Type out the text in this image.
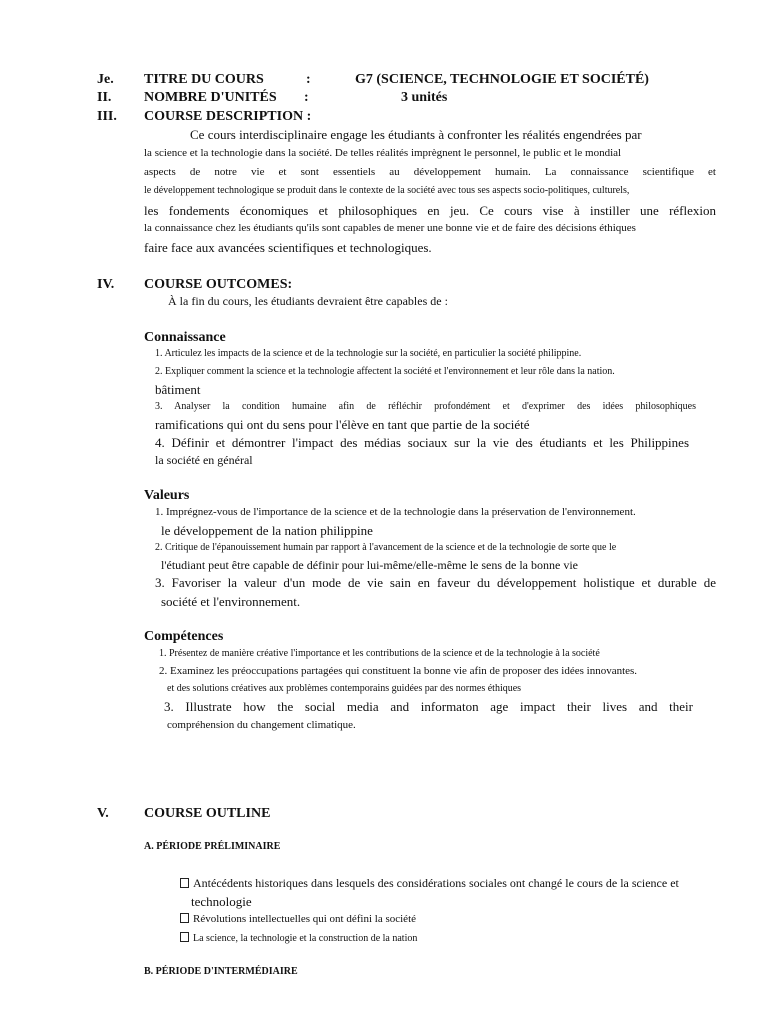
Je. TITRE DU COURS	:	G7 (SCIENCE, TECHNOLOGIE ET SOCIÉTÉ)
II. NOMBRE D'UNITÉS :	3 unités
III. COURSE DESCRIPTION :
Ce cours interdisciplinaire engage les étudiants à confronter les réalités engendrées par
la science et la technologie dans la société. De telles réalités imprègnent le personnel, le public et le mondial
aspects de notre vie et sont essentiels au développement humain. La connaissance scientifique et
le développement technologique se produit dans le contexte de la société avec tous ses aspects socio-politiques, culturels,
les fondements économiques et philosophiques en jeu. Ce cours vise à instiller une réflexion
la connaissance chez les étudiants qu'ils sont capables de mener une bonne vie et de faire des décisions éthiques
faire face aux avancées scientifiques et technologiques.
IV. COURSE OUTCOMES:
À la fin du cours, les étudiants devraient être capables de :
Connaissance
1. Articulez les impacts de la science et de la technologie sur la société, en particulier la société philippine.
2. Expliquer comment la science et la technologie affectent la société et l'environnement et leur rôle dans la nation.
bâtiment
3. Analyser la condition humaine afin de réfléchir profondément et d'exprimer des idées philosophiques
ramifications qui ont du sens pour l'élève en tant que partie de la société
4. Définir et démontrer l'impact des médias sociaux sur la vie des étudiants et les Philippines
la société en général
Valeurs
1. Imprégnez-vous de l'importance de la science et de la technologie dans la préservation de l'environnement.
le développement de la nation philippine
2. Critique de l'épanouissement humain par rapport à l'avancement de la science et de la technologie de sorte que le
l'étudiant peut être capable de définir pour lui-même/elle-même le sens de la bonne vie
3. Favoriser la valeur d'un mode de vie sain en faveur du développement holistique et durable de
société et l'environnement.
Compétences
1. Présentez de manière créative l'importance et les contributions de la science et de la technologie à la société
2. Examinez les préoccupations partagées qui constituent la bonne vie afin de proposer des idées innovantes.
et des solutions créatives aux problèmes contemporains guidées par des normes éthiques
3. Illustrate how the social media and informaton age impact their lives and their
compréhension du changement climatique.
V.	COURSE OUTLINE
A. PÉRIODE PRÉLIMINAIRE
Antécédents historiques dans lesquels des considérations sociales ont changé le cours de la science et
technologie
Révolutions intellectuelles qui ont défini la société
La science, la technologie et la construction de la nation
B. PÉRIODE D'INTERMÉDIAIRE
